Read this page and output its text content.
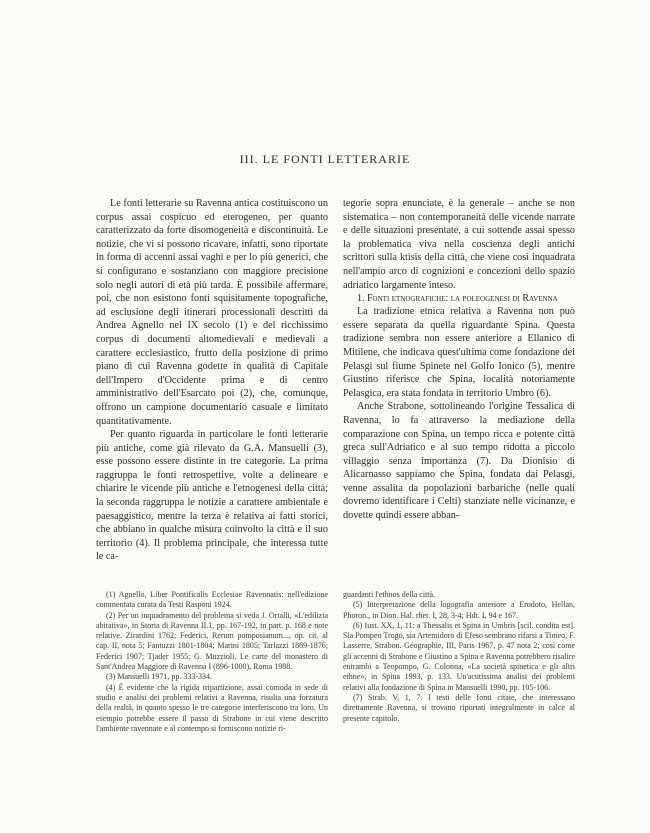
III. LE FONTI LETTERARIE

Le fonti letterarie su Ravenna antica costituiscono un corpus assai cospicuo ed eterogeneo, per quanto caratterizzato da forte disomogeneità e discontinuità. Le notizie, che vi si possono ricavare, infatti, sono riportate in forma di accenni assai vaghi e per lo più generici, che si configurano e sostanziano con maggiore precisione solo negli autori di età più tarda. È possibile affermare, poi, che non esistono fonti squisitamente topografiche, ad esclusione degli itinerari processionali descritti da Andrea Agnello nel IX secolo (1) e del ricchissimo corpus di documenti altomedievali e medievali a carattere ecclesiastico, frutto della posizione di primo piano di cui Ravenna godette in qualità di Capitale dell'Impero d'Occidente prima e di centro amministrativo dell'Esarcato poi (2), che, comunque, offrono un campione documentario casuale e limitato quantitativamente.

Per quanto riguarda in particolare le fonti letterarie più antiche, come già rilevato da G.A. Mansuelli (3), esse possono essere distinte in tre categorie. La prima raggruppa le fonti retrospettive, volte a delineare e chiarire le vicende più antiche e l'etnogenesi della città; la seconda raggruppa le notizie a carattere ambientale e paesaggistico, mentre la terza è relativa ai fatti storici, che abbiano in qualche misura coinvolto la città e il suo territorio (4). Il problema principale, che interessa tutte le ca-

tegorie sopra enunciate, è la generale – anche se non sistematica – non contemporaneità delle vicende narrate e delle situazioni presentate, a cui sottende assai spesso la problematica viva nella coscienza degli antichi scrittori sulla ktisis della città, che viene così inquadrata nell'ampio arco di cognizioni e concezioni dello spazio adriatico largamente inteso.

1. Fonti etnografiche: la poleogenesi di Ravenna

La tradizione etnica relativa a Ravenna non può essere separata da quella riguardante Spina. Questa tradizione sembra non essere anteriore a Ellanico di Mitilene, che indicava quest'ultima come fondazione dei Pelasgi sul fiume Spinete nel Golfo Ionico (5), mentre Giustino riferisce che Spina, località notoriamente Pelasgica, era stata fondata in territorio Umbro (6).

Anche Strabone, sottolineando l'origine Tessalica di Ravenna, lo fa attraverso la mediazione della comparazione con Spina, un tempo ricca e potente città greca sull'Adriatico e al suo tempo ridotta a piccolo villaggio senza importanza (7). Da Dionisio di Alicarnasso sappiamo che Spina, fondata dai Pelasgi, venne assalita da popolazioni barbariche (nelle quali dovremo identificare i Celti) stanziate nelle vicinanze, e dovette quindi essere abban-

(1) Agnello, Liber Pontificalis Ecclesiae Ravennatis: nell'edizione commentata curata da Testi Rasponi 1924.

(2) Per un inquadramento del problema si veda J. Ortalli, «L'edilizia abitativa», in Storia di Ravenna II.1, pp. 167-192, in part. p. 168 e note relative. Zirardini 1762; Federici, Rerum pomposianum..., op. cit. al cap. II, nota 5; Fantuzzi 1801-1804; Marini 1805; Tarlazzi 1869-1876; Federici 1907; Tjader 1955; G. Muzzioli, Le carte del monastero di Sant'Andrea Maggiore di Ravenna I (896-1000), Roma 1988.

(3) Mansuelli 1971, pp. 333-334.

(4) È evidente che la rigida tripartizione, assai comoda in sede di studio e analisi dei problemi relativi a Ravenna, risulta una forzatura della realtà, in quanto spesso le tre categorie interferiscono tra loro. Un esempio potrebbe essere il passo di Strabone in cui viene descritto l'ambiente ravennate e al contempo si forniscono notizie ri-

guardanti l'ethnos della città.

(5) Interpretazione della logografia anteriore a Erodoto, Hellan, Phoron., in Dion. Hal. rhet. I, 28, 3-4; Hdt. I, 94 e 167.

(6) Iust. XX, 1, 11: a Thessalis et Spina in Umbris [scil. condita est]. Sia Pompeo Trogo, sia Artemidoro di Efeso sembrano rifarsi a Timeo, F. Lasserre, Strabon. Géographie, III, Paris 1967, p. 47 nota 2; così come gli accenni di Strabone e Giustino a Spina e Ravenna potrebbero risalire entrambi a Teopompo, G. Colonna, «La società spinetica e gli altri ethne», in Spina 1993, p. 133. Un'acutissima analisi dei problemi relativi alla fondazione di Spina in Mansuelli 1990, pp. 105-106.

(7) Strab. V, 1, 7. I testi delle fonti citate, che interessano direttamente Ravenna, si trovano riportati integralmente in calce al presente capitolo.
